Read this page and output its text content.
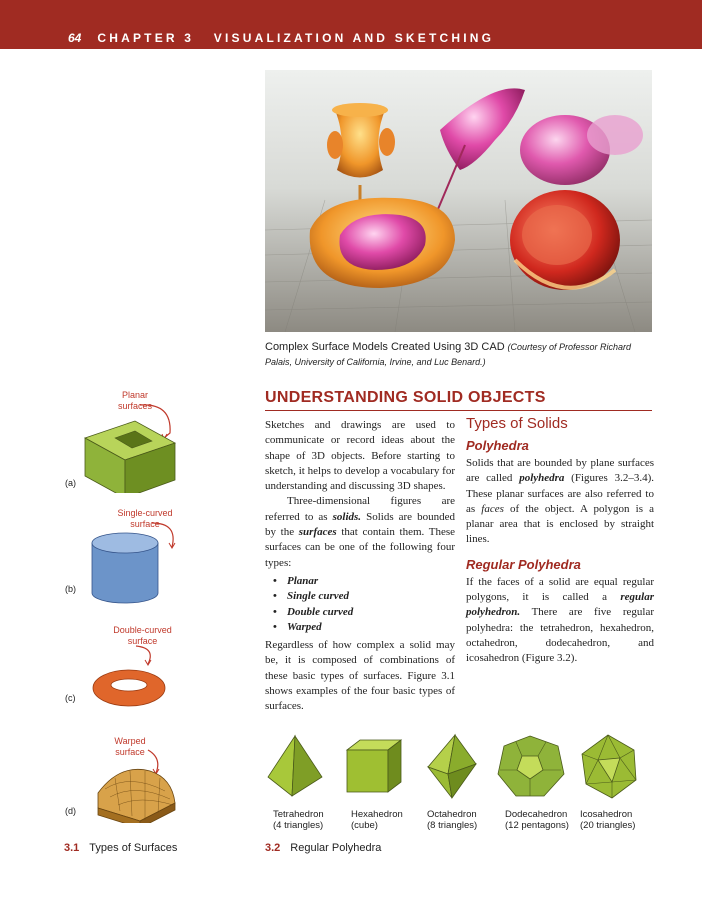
64 CHAPTER 3 VISUALIZATION AND SKETCHING
Complex Surface Models Created Using 3D CAD (Courtesy of Professor Richard Palais, University of California, Irvine, and Luc Benard.)
UNDERSTANDING SOLID OBJECTS

Sketches and drawings are used to communicate or record ideas about the shape of 3D objects. Before starting to sketch, it helps to develop a vocabulary for understanding and discussing 3D shapes.

Three-dimensional figures are referred to as solids. Solids are bounded by the surfaces that contain them. These surfaces can be one of the following four types:

• Planar
• Single curved
• Double curved
• Warped

Regardless of how complex a solid may be, it is composed of combinations of these basic types of surfaces. Figure 3.1 shows examples of the four basic types of surfaces.

Types of Solids
Polyhedra

Solids that are bounded by plane surfaces are called polyhedra (Figures 3.2–3.4). These planar surfaces are also referred to as faces of the object. A polygon is a planar area that is enclosed by straight lines.

Regular Polyhedra

If the faces of a solid are equal regular polygons, it is called a regular polyhedron. There are five regular polyhedra: the tetrahedron, hexahedron, octahedron, dodecahedron, and icosahedron (Figure 3.2).

Planar
surfaces
(a)
Single-curved
surface
(b)
Double-curved
surface
(c)
Warped
surface
(d)
3.1 Types of Surfaces
Tetrahedron
(4 triangles)
Hexahedron
(cube)
Octahedron
(8 triangles)
Dodecahedron
(12 pentagons)
Icosahedron
(20 triangles)
3.2 Regular Polyhedra
